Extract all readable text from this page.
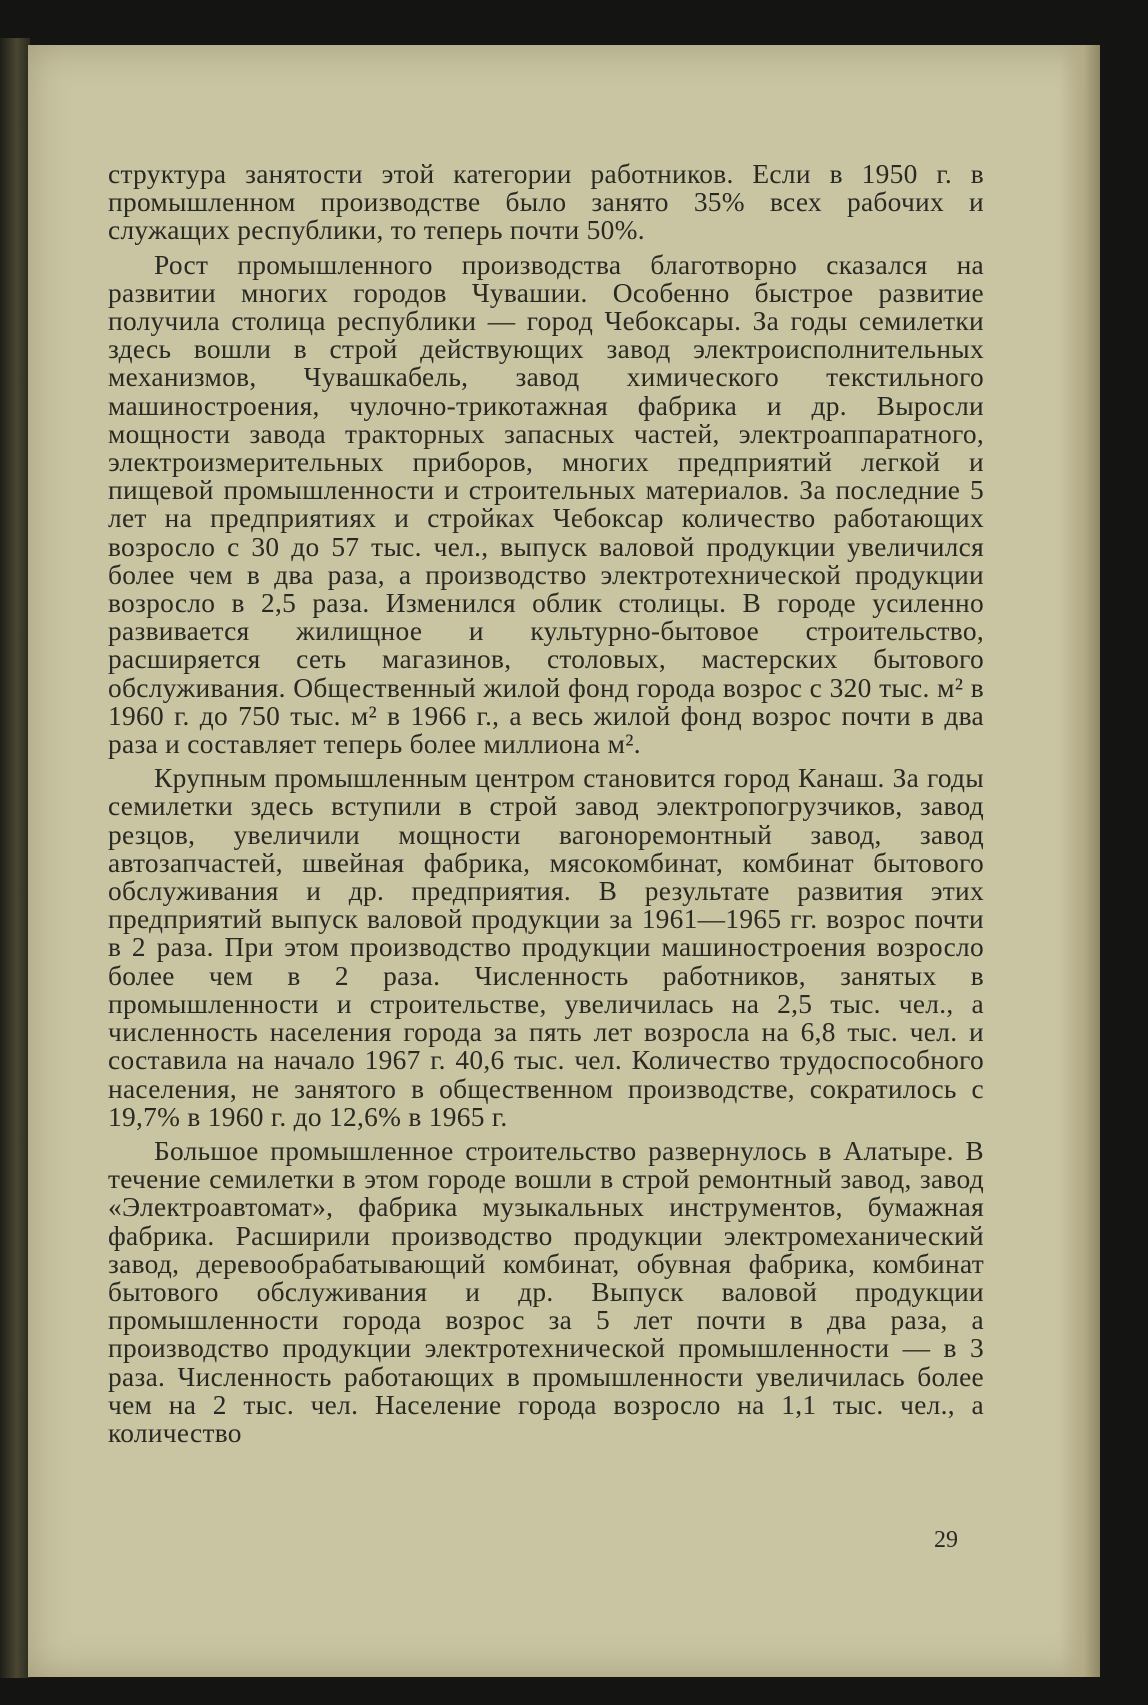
структура занятости этой категории работников. Если в 1950 г. в промышленном производстве было занято 35% всех рабочих и служащих республики, то теперь почти 50%.

Рост промышленного производства благотворно сказался на развитии многих городов Чувашии. Особенно быстрое развитие получила столица республики — город Чебоксары. За годы семилетки здесь вошли в строй действующих завод электроисполнительных механизмов, Чувашкабель, завод химического текстильного машиностроения, чулочно-трикотажная фабрика и др. Выросли мощности завода тракторных запасных частей, электроаппаратного, электроизмерительных приборов, многих предприятий легкой и пищевой промышленности и строительных материалов. За последние 5 лет на предприятиях и стройках Чебоксар количество работающих возросло с 30 до 57 тыс. чел., выпуск валовой продукции увеличился более чем в два раза, а производство электротехнической продукции возросло в 2,5 раза. Изменился облик столицы. В городе усиленно развивается жилищное и культурно-бытовое строительство, расширяется сеть магазинов, столовых, мастерских бытового обслуживания. Общественный жилой фонд города возрос с 320 тыс. м² в 1960 г. до 750 тыс. м² в 1966 г., а весь жилой фонд возрос почти в два раза и составляет теперь более миллиона м².

Крупным промышленным центром становится город Канаш. За годы семилетки здесь вступили в строй завод электропогрузчиков, завод резцов, увеличили мощности вагоноремонтный завод, завод автозапчастей, швейная фабрика, мясокомбинат, комбинат бытового обслуживания и др. предприятия. В результате развития этих предприятий выпуск валовой продукции за 1961—1965 гг. возрос почти в 2 раза. При этом производство продукции машиностроения возросло более чем в 2 раза. Численность работников, занятых в промышленности и строительстве, увеличилась на 2,5 тыс. чел., а численность населения города за пять лет возросла на 6,8 тыс. чел. и составила на начало 1967 г. 40,6 тыс. чел. Количество трудоспособного населения, не занятого в общественном производстве, сократилось с 19,7% в 1960 г. до 12,6% в 1965 г.

Большое промышленное строительство развернулось в Алатыре. В течение семилетки в этом городе вошли в строй ремонтный завод, завод «Электроавтомат», фабрика музыкальных инструментов, бумажная фабрика. Расширили производство продукции электромеханический завод, деревообрабатывающий комбинат, обувная фабрика, комбинат бытового обслуживания и др. Выпуск валовой продукции промышленности города возрос за 5 лет почти в два раза, а производство продукции электротехнической промышленности — в 3 раза. Численность работающих в промышленности увеличилась более чем на 2 тыс. чел. Население города возросло на 1,1 тыс. чел., а количество

29
